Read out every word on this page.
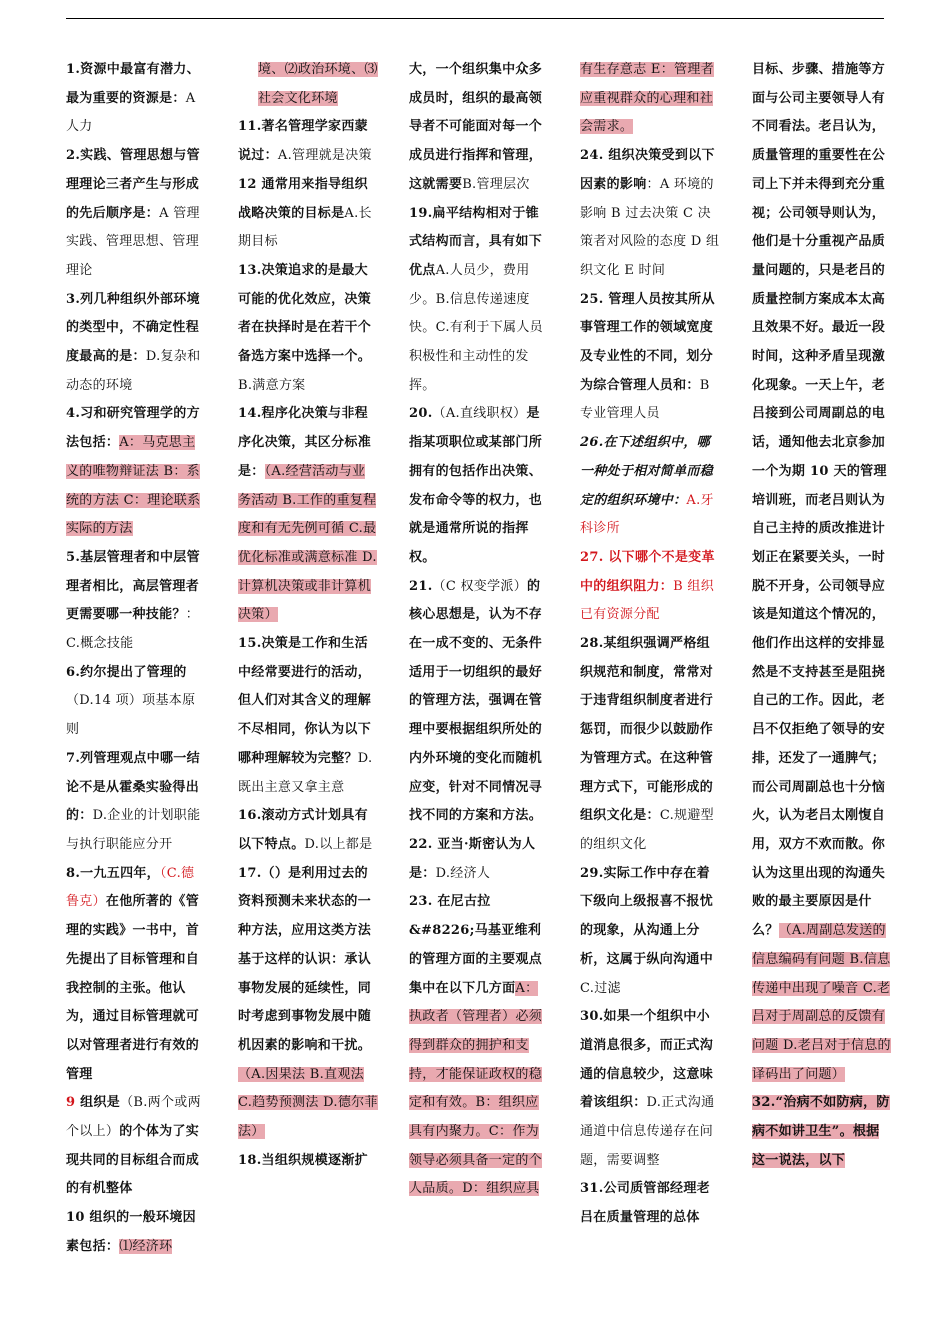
1.资源中最富有潜力、最为重要的资源是：A 人力

2.实践、管理思想与管理理论三者产生与形成的先后顺序是：A 管理实践、管理思想、管理理论

3.列几种组织外部环境的类型中，不确定性程度最高的是：D.复杂和动态的环境

4.习和研究管理学的方法包括：A：马克思主义的唯物辩证法 B：系统的方法 C：理论联系实际的方法

5.基层管理者和中层管理者相比，高层管理者更需要哪一种技能？：C.概念技能

6.约尔提出了管理的（D.14 项）项基本原则

7.列管理观点中哪一结论不是从霍桑实验得出的：D.企业的计划职能与执行职能应分开

8.一九五四年，（C.德鲁克）在他所著的《管理的实践》一书中，首先提出了目标管理和自我控制的主张。他认为，通过目标管理就可以对管理者进行有效的管理

9 组织是（B.两个或两个以上）的个体为了实现共同的目标组合而成的有机整体

10 组织的一般环境因素包括：⑴经济环

境、⑵政治环境、⑶社会文化环境

11.著名管理学家西蒙说过：A.管理就是决策

12 通常用来指导组织战略决策的目标是A.长期目标

13.决策追求的是最大可能的优化效应，决策者在抉择时是在若干个备选方案中选择一个。B.满意方案

14.程序化决策与非程序化决策，其区分标准是：（A.经营活动与业务活动 B.工作的重复程度和有无先例可循 C.最优化标准或满意标准 D.计算机决策或非计算机决策）

15.决策是工作和生活中经常要进行的活动，但人们对其含义的理解不尽相同，你认为以下哪种理解较为完整？D.既出主意又拿主意

16.滚动方式计划具有以下特点。D.以上都是

17.（）是利用过去的资料预测未来状态的一种方法，应用这类方法基于这样的认识：承认事物发展的延续性，同时考虑到事物发展中随机因素的影响和干扰。（A.因果法 B.直观法 C.趋势预测法 D.德尔菲法）

18.当组织规模逐渐扩

大，一个组织集中众多成员时，组织的最高领导者不可能面对每一个成员进行指挥和管理，这就需要B.管理层次

19.扁平结构相对于锥式结构而言，具有如下优点A.人员少，费用少。B.信息传递速度快。C.有利于下属人员积极性和主动性的发挥。

20.（A.直线职权）是指某项职位或某部门所拥有的包括作出决策、发布命令等的权力，也就是通常所说的指挥权。

21.（C 权变学派）的核心思想是，认为不存在一成不变的、无条件适用于一切组织的最好的管理方法，强调在管理中要根据组织所处的内外环境的变化而随机应变，针对不同情况寻找不同的方案和方法。

22. 亚当·斯密认为人是：D.经济人

23. 在尼古拉&#8226;马基亚维利的管理方面的主要观点集中在以下几方面A：执政者（管理者）必须得到群众的拥护和支持，才能保证政权的稳定和有效。B：组织应具有内聚力。C：作为领导必须具备一定的个人品质。D：组织应具

有生存意志 E：管理者应重视群众的心理和社会需求。

24. 组织决策受到以下因素的影响：A 环境的影响 B 过去决策 C 决策者对风险的态度 D 组织文化 E 时间

25. 管理人员按其所从事管理工作的领域宽度及专业性的不同，划分为综合管理人员和：B 专业管理人员

26.在下述组织中，哪一种处于相对简单而稳定的组织环境中：A.牙科诊所

27. 以下哪个不是变革中的组织阻力：B 组织已有资源分配

28.某组织强调严格组织规范和制度，常常对于违背组织制度者进行惩罚，而很少以鼓励作为管理方式。在这种管理方式下，可能形成的组织文化是：C.规避型的组织文化

29.实际工作中存在着下级向上级报喜不报忧的现象，从沟通上分析，这属于纵向沟通中C.过滤

30.如果一个组织中小道消息很多，而正式沟通的信息较少，这意味着该组织：D.正式沟通通道中信息传递存在问题，需要调整

31.公司质管部经理老吕在质量管理的总体

目标、步骤、措施等方面与公司主要领导人有不同看法。老吕认为，质量管理的重要性在公司上下并未得到充分重视；公司领导则认为，他们是十分重视产品质量问题的，只是老吕的质量控制方案成本太高且效果不好。最近一段时间，这种矛盾呈现激化现象。一天上午，老吕接到公司周副总的电话，通知他去北京参加一个为期 10 天的管理培训班，而老吕则认为自己主持的质改推进计划正在紧要关头，一时脱不开身，公司领导应该是知道这个情况的，他们作出这样的安排显然是不支持甚至是阻挠自己的工作。因此，老吕不仅拒绝了领导的安排，还发了一通脾气；而公司周副总也十分恼火，认为老吕太刚愎自用，双方不欢而散。你认为这里出现的沟通失败的最主要原因是什么？（A.周副总发送的信息编码有问题 B.信息传递中出现了噪音 C.老吕对于周副总的反馈有问题 D.老吕对于信息的译码出了问题）

32.“治病不如防病，防病不如讲卫生”。根据这一说法，以下
